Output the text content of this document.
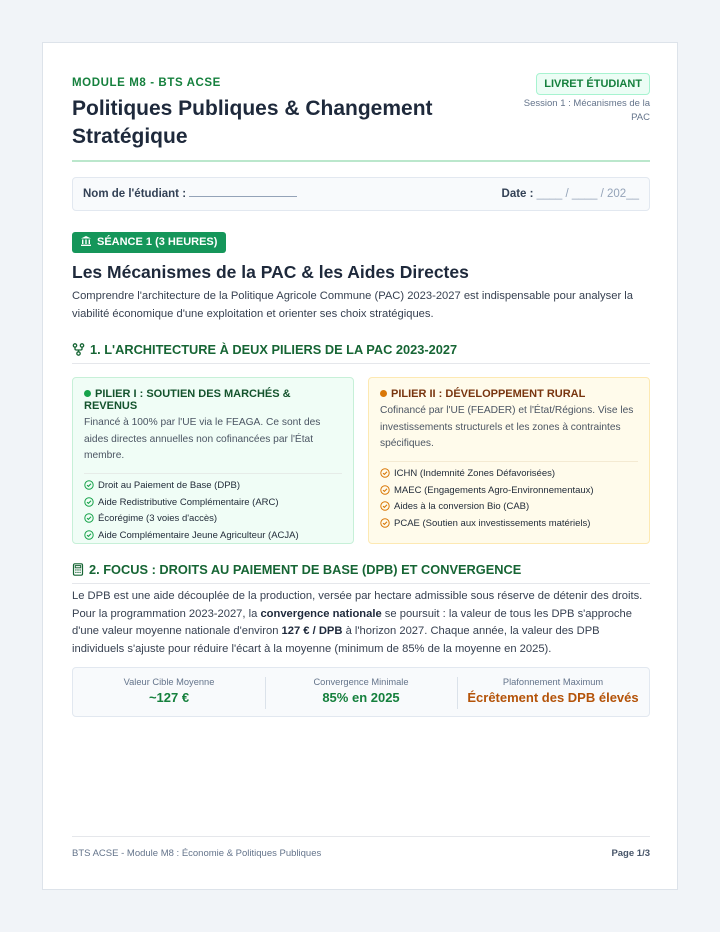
MODULE M8 - BTS ACSE
Politiques Publiques & Changement Stratégique
LIVRET ÉTUDIANT
Session 1 : Mécanismes de la PAC
Nom de l'étudiant :	Date : ____ / ____ / 202__
SÉANCE 1 (3 HEURES)
Les Mécanismes de la PAC & les Aides Directes
Comprendre l'architecture de la Politique Agricole Commune (PAC) 2023-2027 est indispensable pour analyser la viabilité économique d'une exploitation et orienter ses choix stratégiques.
1. L'ARCHITECTURE À DEUX PILIERS DE LA PAC 2023-2027
PILIER I : SOUTIEN DES MARCHÉS & REVENUS
Financé à 100% par l'UE via le FEAGA. Ce sont des aides directes annuelles non cofinancées par l'État membre.
Droit au Paiement de Base (DPB)
Aide Redistributive Complémentaire (ARC)
Écorégime (3 voies d'accès)
Aide Complémentaire Jeune Agriculteur (ACJA)
PILIER II : DÉVELOPPEMENT RURAL
Cofinancé par l'UE (FEADER) et l'État/Régions. Vise les investissements structurels et les zones à contraintes spécifiques.
ICHN (Indemnité Zones Défavorisées)
MAEC (Engagements Agro-Environnementaux)
Aides à la conversion Bio (CAB)
PCAE (Soutien aux investissements matériels)
2. FOCUS : DROITS AU PAIEMENT DE BASE (DPB) ET CONVERGENCE
Le DPB est une aide découplée de la production, versée par hectare admissible sous réserve de détenir des droits. Pour la programmation 2023-2027, la convergence nationale se poursuit : la valeur de tous les DPB s'approche d'une valeur moyenne nationale d'environ 127 € / DPB à l'horizon 2027. Chaque année, la valeur des DPB individuels s'ajuste pour réduire l'écart à la moyenne (minimum de 85% de la moyenne en 2025).
Valeur Cible Moyenne
~127 €
Convergence Minimale
85% en 2025
Plafonnement Maximum
Écrêtement des DPB élevés
BTS ACSE - Module M8 : Économie & Politiques Publiques	Page 1/3
